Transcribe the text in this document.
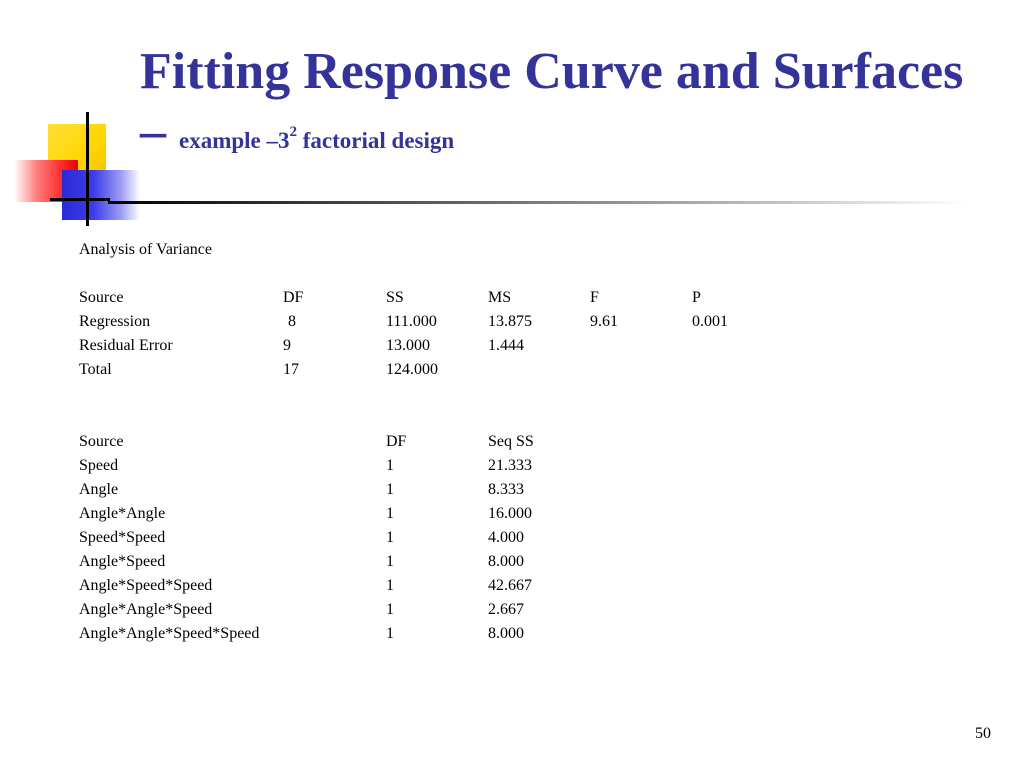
Fitting Response Curve and Surfaces – example $-3^2$ factorial design
Analysis of Variance
Source	DF	SS	MS	F	P
Regression	8	111.000	13.875	9.61	0.001
Residual Error	9	13.000	1.444
Total	17	124.000
Source	DF	Seq SS
Speed	1	21.333
Angle	1	8.333
Angle*Angle	1	16.000
Speed*Speed	1	4.000
Angle*Speed	1	8.000
Angle*Speed*Speed	1	42.667
Angle*Angle*Speed	1	2.667
Angle*Angle*Speed*Speed	1	8.000
50
